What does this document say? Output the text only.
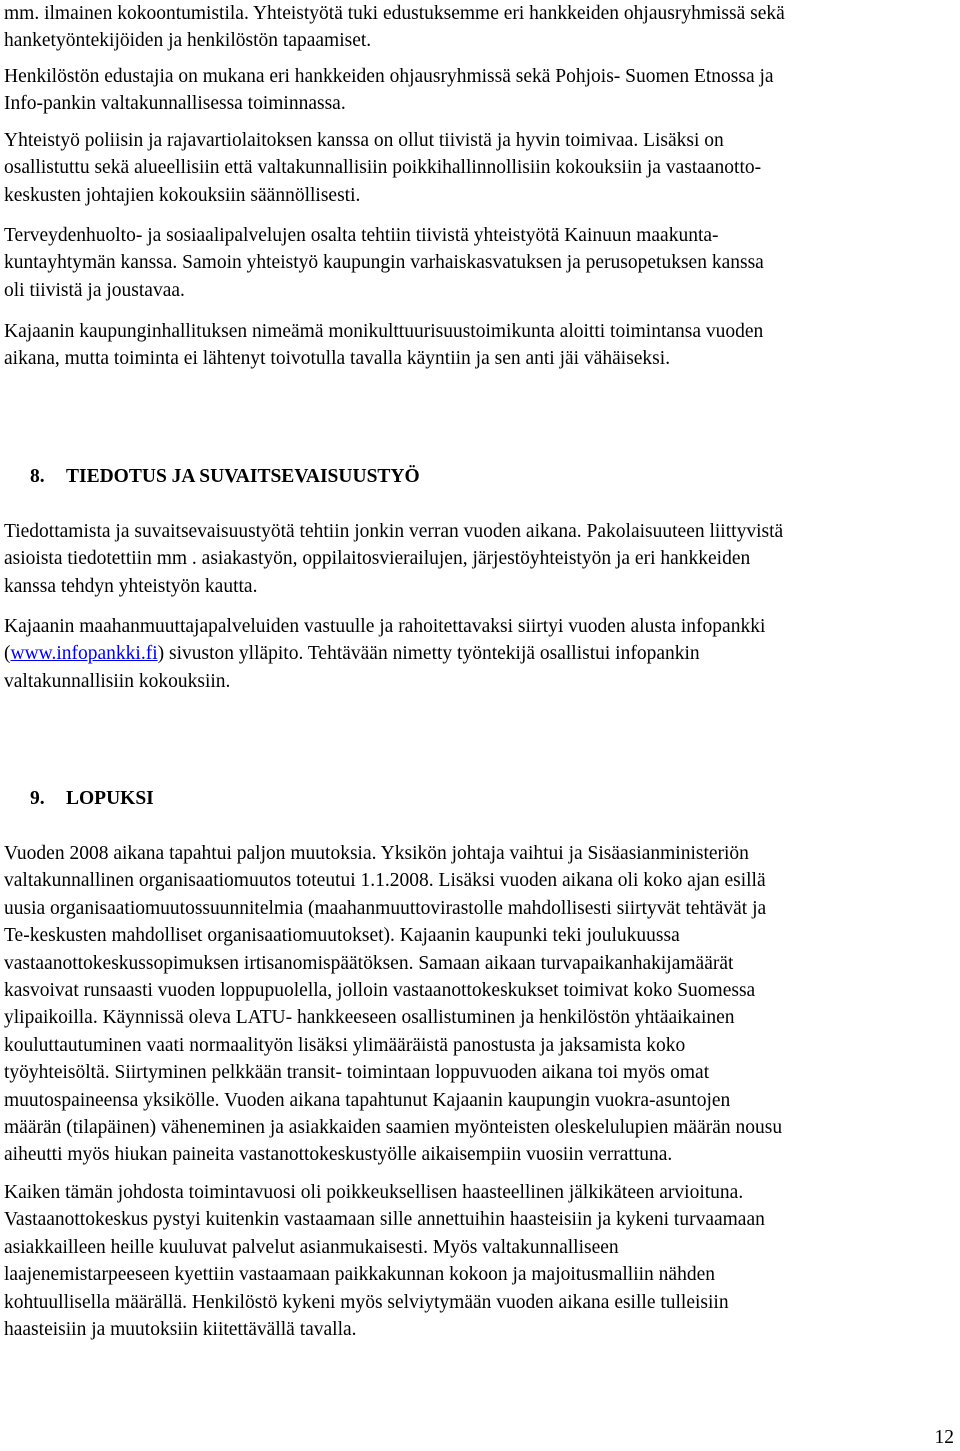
mm. ilmainen kokoontumistila. Yhteistyötä tuki edustuksemme eri hankkeiden ohjausryhmissä sekä
hanketyöntekijöiden ja henkilöstön tapaamiset.

Henkilöstön edustajia on mukana eri hankkeiden ohjausryhmissä sekä Pohjois- Suomen Etnossa ja
Info-pankin valtakunnallisessa toiminnassa.

Yhteistyö poliisin ja rajavartiolaitoksen kanssa on ollut tiivistä ja hyvin toimivaa. Lisäksi on
osallistuttu sekä alueellisiin että valtakunnallisiin poikkihallinnollisiin kokouksiin ja vastaanotto-
keskusten johtajien kokouksiin säännöllisesti.

Terveydenhuolto- ja sosiaalipalvelujen osalta tehtiin tiivistä yhteistyötä Kainuun maakunta-
kuntayhtymän kanssa. Samoin yhteistyö kaupungin varhaiskasvatuksen ja perusopetuksen kanssa
oli tiivistä ja joustavaa.

Kajaanin kaupunginhallituksen nimeämä monikulttuurisuustoimikunta aloitti toimintansa vuoden
aikana, mutta toiminta ei lähtenyt toivotulla tavalla käyntiin ja sen anti jäi vähäiseksi.

8. TIEDOTUS JA SUVAITSEVAISUUSTYÖ

Tiedottamista ja suvaitsevaisuustyötä tehtiin jonkin verran vuoden aikana. Pakolaisuuteen liittyvistä
asioista tiedotettiin mm . asiakastyön, oppilaitosvierailujen, järjestöyhteistyön ja eri hankkeiden
kanssa tehdyn yhteistyön kautta.

Kajaanin maahanmuuttajapalveluiden vastuulle ja rahoitettavaksi siirtyi vuoden alusta infopankki
(www.infopankki.fi) sivuston ylläpito. Tehtävään nimetty työntekijä osallistui infopankin
valtakunnallisiin kokouksiin.

9. LOPUKSI

Vuoden 2008 aikana tapahtui paljon muutoksia. Yksikön johtaja vaihtui ja Sisäasianministeriön
valtakunnallinen organisaatiomuutos toteutui 1.1.2008. Lisäksi vuoden aikana oli koko ajan esillä
uusia organisaatiomuutossuunnitelmia (maahanmuuttovirastolle mahdollisesti siirtyvät tehtävät ja
Te-keskusten mahdolliset organisaatiomuutokset). Kajaanin kaupunki teki joulukuussa
vastaanottokeskussopimuksen irtisanomispäätöksen. Samaan aikaan turvapaikanhakijamäärät
kasvoivat runsaasti vuoden loppupuolella, jolloin vastaanottokeskukset toimivat koko Suomessa
ylipaikoilla. Käynnissä oleva LATU- hankkeeseen osallistuminen ja henkilöstön yhtäaikainen
kouluttautuminen vaati normaalityön lisäksi ylimääräistä panostusta ja jaksamista koko
työyhteisöltä. Siirtyminen pelkkään transit- toimintaan loppuvuoden aikana toi myös omat
muutospaineensa yksikölle. Vuoden aikana tapahtunut Kajaanin kaupungin vuokra-asuntojen
määrän (tilapäinen) väheneminen ja asiakkaiden saamien myönteisten oleskelulupien määrän nousu
aiheutti myös hiukan paineita vastanottokeskustyölle aikaisempiin vuosiin verrattuna.

Kaiken tämän johdosta toimintavuosi oli poikkeuksellisen haasteellinen jälkikäteen arvioituna.
Vastaanottokeskus pystyi kuitenkin vastaamaan sille annettuihin haasteisiin ja kykeni turvaamaan
asiakkailleen heille kuuluvat palvelut asianmukaisesti. Myös valtakunnalliseen
laajenemistarpeeseen kyettiin vastaamaan paikkakunnan kokoon ja majoitusmalliin nähden
kohtuullisella määrällä. Henkilöstö kykeni myös selviytymään vuoden aikana esille tulleisiin
haasteisiin ja muutoksiin kiitettävällä tavalla.

12
